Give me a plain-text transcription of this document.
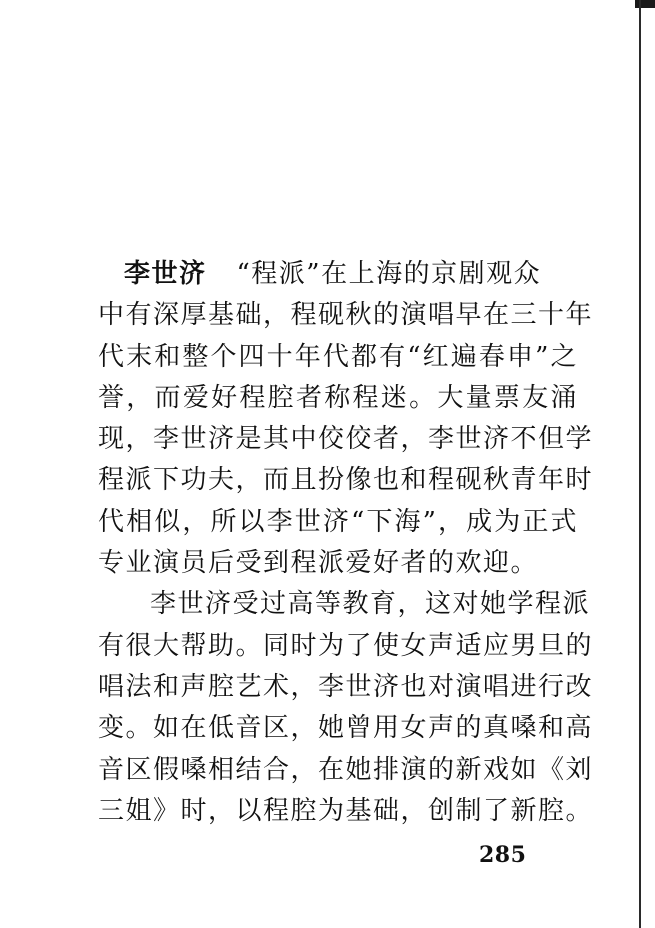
李世济 “程派”在上海的京剧观众
中有深厚基础，程砚秋的演唱早在三十年
代末和整个四十年代都有“红遍春申”之
誉，而爱好程腔者称程迷。大量票友涌
现，李世济是其中佼佼者，李世济不但学
程派下功夫，而且扮像也和程砚秋青年时
代相似，所以李世济“下海”，成为正式
专业演员后受到程派爱好者的欢迎。
李世济受过高等教育，这对她学程派
有很大帮助。同时为了使女声适应男旦的
唱法和声腔艺术，李世济也对演唱进行改
变。如在低音区，她曾用女声的真嗓和高
音区假嗓相结合，在她排演的新戏如《刘
三姐》时，以程腔为基础，创制了新腔。
285
